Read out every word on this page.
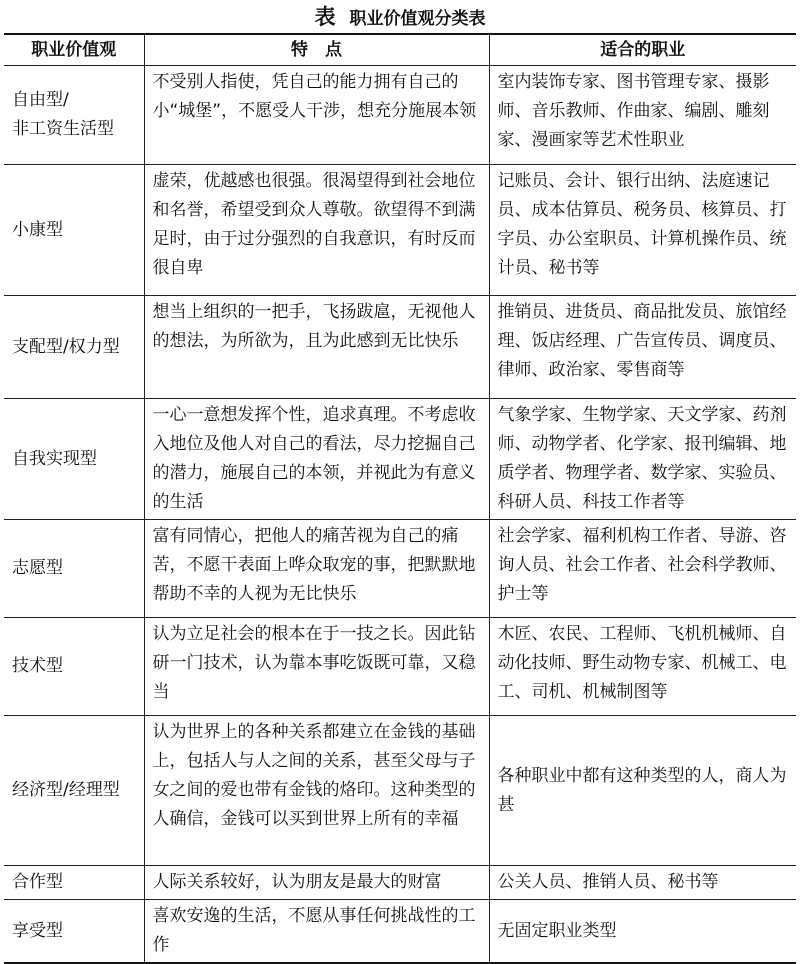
表 职业价值观分类表
职业价值观	特　点	适合的职业
自由型/
非工资生活型	不受别人指使，凭自己的能力拥有自己的小“城堡”，不愿受人干涉，想充分施展本领	室内装饰专家、图书管理专家、摄影师、音乐教师、作曲家、编剧、雕刻家、漫画家等艺术性职业
小康型	虚荣，优越感也很强。很渴望得到社会地位和名誉，希望受到众人尊敬。欲望得不到满足时，由于过分强烈的自我意识，有时反而很自卑	记账员、会计、银行出纳、法庭速记员、成本估算员、税务员、核算员、打字员、办公室职员、计算机操作员、统计员、秘书等
支配型/权力型	想当上组织的一把手，飞扬跋扈，无视他人的想法，为所欲为，且为此感到无比快乐	推销员、进货员、商品批发员、旅馆经理、饭店经理、广告宣传员、调度员、律师、政治家、零售商等
自我实现型	一心一意想发挥个性，追求真理。不考虑收入地位及他人对自己的看法，尽力挖掘自己的潜力，施展自己的本领，并视此为有意义的生活	气象学家、生物学家、天文学家、药剂师、动物学者、化学家、报刊编辑、地质学者、物理学者、数学家、实验员、科研人员、科技工作者等
志愿型	富有同情心，把他人的痛苦视为自己的痛苦，不愿干表面上哗众取宠的事，把默默地帮助不幸的人视为无比快乐	社会学家、福利机构工作者、导游、咨询人员、社会工作者、社会科学教师、护士等
技术型	认为立足社会的根本在于一技之长。因此钻研一门技术，认为靠本事吃饭既可靠，又稳当	木匠、农民、工程师、飞机机械师、自动化技师、野生动物专家、机械工、电工、司机、机械制图等
经济型/经理型	认为世界上的各种关系都建立在金钱的基础上，包括人与人之间的关系，甚至父母与子女之间的爱也带有金钱的烙印。这种类型的人确信，金钱可以买到世界上所有的幸福	各种职业中都有这种类型的人，商人为甚
合作型	人际关系较好，认为朋友是最大的财富	公关人员、推销人员、秘书等
享受型	喜欢安逸的生活，不愿从事任何挑战性的工作	无固定职业类型
